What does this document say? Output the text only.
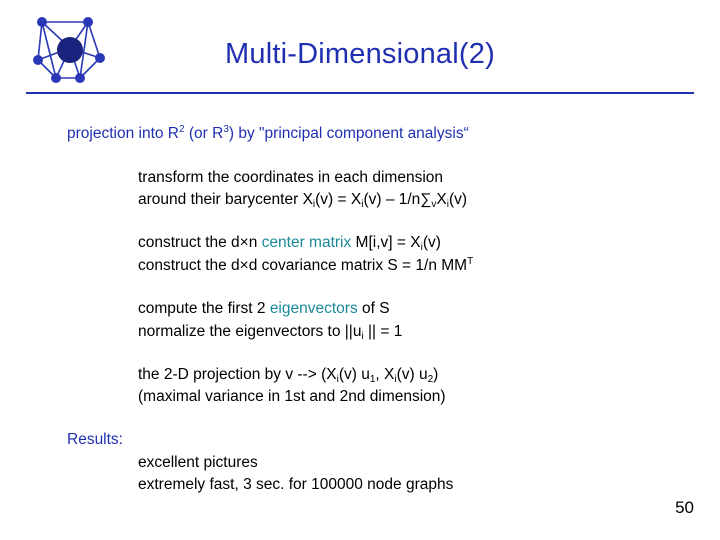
Multi-Dimensional(2)
projection into $R^2$ (or $R^3$) by "principal component analysis“
transform the coordinates in each dimension
around their barycenter $X_i(v) = X_i(v) - 1/n\sum_vX_i(v)$
construct the d×n center matrix $M[i,v] = X_i(v)$
construct the d×d covariance matrix S = 1/n $MM^T$
compute the first 2 eigenvectors of S
normalize the eigenvectors to $||u_i$ || = 1
the 2-D projection by v --> ($X_i(v)$ $u_1$, $X_i(v)$ $u_2$)
(maximal variance in 1st and 2nd dimension)
Results:
excellent pictures
extremely fast, 3 sec. for 100000 node graphs
50
